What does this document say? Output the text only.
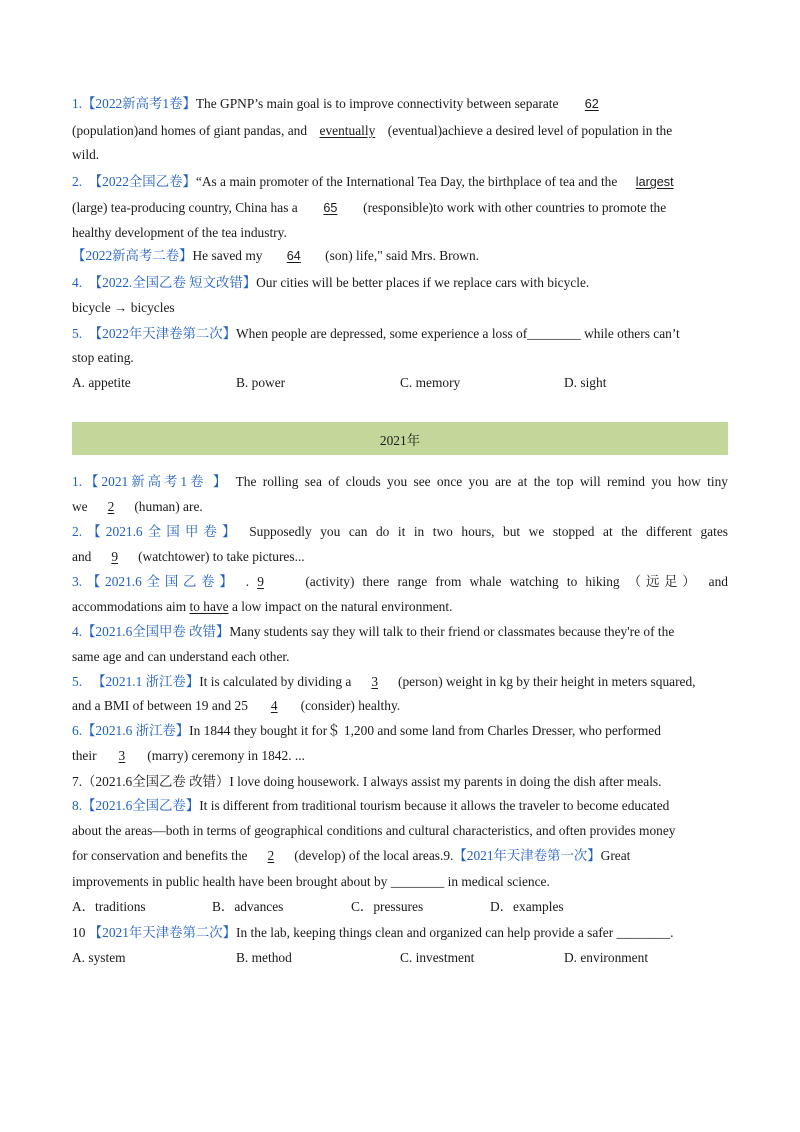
1.【2022新高考1卷】The GPNP’s main goal is to improve connectivity between separate 62
(population)and homes of giant pandas, and eventually (eventual)achieve a desired level of population in the
wild.
2. 【2022全国乙卷】“As a main promoter of the International Tea Day, the birthplace of tea and the largest
(large) tea-producing country, China has a 65 (responsible)to work with other countries to promote the
healthy development of the tea industry.
【2022新高考二卷】He saved my 64 (son) life," said Mrs. Brown.
4. 【2022.全国乙卷 短文改错】Our cities will be better places if we replace cars with bicycle.
bicycle → bicycles
5. 【2022年天津卷第二次】When people are depressed, some experience a loss of________ while others can’t
stop eating.
A. appetite	B. power	C. memory	D. sight
2021年
1.【2021新高考1卷 】 The rolling sea of clouds you see once you are at the top will remind you how tiny
we 2 (human) are.
2.【2021.6全国甲卷】 Supposedly you can do it in two hours, but we stopped at the different gates
and 9 (watchtower) to take pictures...
3.【2021.6全国乙卷】 . 9	(activity) there range from whale watching to hiking （远足） and
accommodations aim to have a low impact on the natural environment.
4.【2021.6全国甲卷 改错】Many students say they will talk to their friend or classmates because they're of the
same age and can understand each other.
5. 【2021.1 浙江卷】It is calculated by dividing a 3 (person) weight in kg by their height in meters squared,
and a BMI of between 19 and 25 4 (consider) healthy.
6.【2021.6 浙江卷】In 1844 they bought it for＄ 1,200 and some land from Charles Dresser, who performed
their 3 (marry) ceremony in 1842. ...
7.（2021.6全国乙卷 改错）I love doing housework. I always assist my parents in doing the dish after meals.
8.【2021.6全国乙卷】It is different from traditional tourism because it allows the traveler to become educated
about the areas—both in terms of geographical conditions and cultural characteristics, and often provides money
for conservation and benefits the 2 (develop) of the local areas.9.【2021年天津卷第一次】Great
improvements in public health have been brought about by ________ in medical science.
A．traditions	B．advances	C．pressures	D．examples
10 【2021年天津卷第二次】In the lab, keeping things clean and organized can help provide a safer ________.
A. system	B. method	C. investment	D. environment
